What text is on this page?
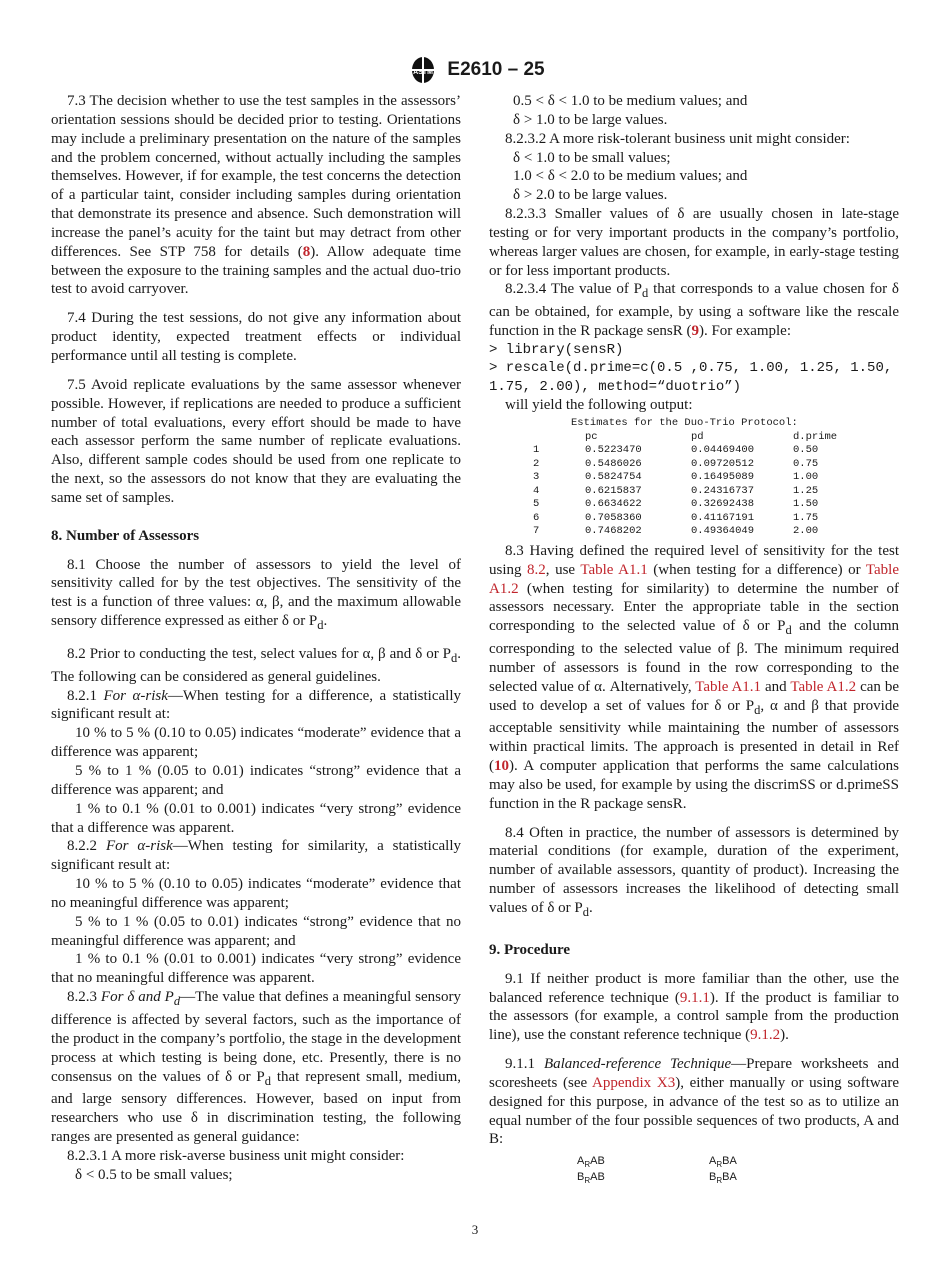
ASTM E2610 – 25

7.3 The decision whether to use the test samples in the assessors’ orientation sessions should be decided prior to testing. Orientations may include a preliminary presentation on the nature of the samples and the problem concerned, without actually including the samples themselves. However, if for example, the test concerns the detection of a particular taint, consider including samples during orientation that demonstrate its presence and absence. Such demonstration will increase the panel’s acuity for the taint but may detract from other differences. See STP 758 for details (8). Allow adequate time between the exposure to the training samples and the actual duo-trio test to avoid carryover.

7.4 During the test sessions, do not give any information about product identity, expected treatment effects or individual performance until all testing is complete.

7.5 Avoid replicate evaluations by the same assessor whenever possible. However, if replications are needed to produce a sufficient number of total evaluations, every effort should be made to have each assessor perform the same number of replicate evaluations. Also, different sample codes should be used from one replicate to the next, so the assessors do not know that they are evaluating the same set of samples.

8. Number of Assessors

8.1 Choose the number of assessors to yield the level of sensitivity called for by the test objectives. The sensitivity of the test is a function of three values: α, β, and the maximum allowable sensory difference expressed as either δ or $P_d$.

8.2 Prior to conducting the test, select values for α, β and δ or $P_d$. The following can be considered as general guidelines.

8.2.1 For α-risk—When testing for a difference, a statistically significant result at:

10 % to 5 % (0.10 to 0.05) indicates “moderate” evidence that a difference was apparent;

5 % to 1 % (0.05 to 0.01) indicates “strong” evidence that a difference was apparent; and

1 % to 0.1 % (0.01 to 0.001) indicates “very strong” evidence that a difference was apparent.

8.2.2 For α-risk—When testing for similarity, a statistically significant result at:

10 % to 5 % (0.10 to 0.05) indicates “moderate” evidence that no meaningful difference was apparent;

5 % to 1 % (0.05 to 0.01) indicates “strong” evidence that no meaningful difference was apparent; and

1 % to 0.1 % (0.01 to 0.001) indicates “very strong” evidence that no meaningful difference was apparent.

8.2.3 For δ and $P_d—The$ value that defines a meaningful sensory difference is affected by several factors, such as the importance of the product in the company’s portfolio, the stage in the development process at which testing is being done, etc. Presently, there is no consensus on the values of δ or $P_d$ that represent small, medium, and large sensory differences. However, based on input from researchers who use δ in discrimination testing, the following ranges are presented as general guidance:

8.2.3.1 A more risk-averse business unit might consider:

δ < 0.5 to be small values;

0.5 < δ < 1.0 to be medium values; and

δ > 1.0 to be large values.

8.2.3.2 A more risk-tolerant business unit might consider:

δ < 1.0 to be small values;

1.0 < δ < 2.0 to be medium values; and

δ > 2.0 to be large values.

8.2.3.3 Smaller values of δ are usually chosen in late-stage testing or for very important products in the company’s portfolio, whereas larger values are chosen, for example, in early-stage testing or for less important products.

8.2.3.4 The value of $P_d$ that corresponds to a value chosen for δ can be obtained, for example, by using a software like the rescale function in the R package sensR (9). For example:

> library(sensR)

> rescale(d.prime=c(0.5 ,0.75, 1.00, 1.25, 1.50, 1.75, 2.00), method=“duotrio”)

will yield the following output:

Estimates for the Duo-Trio Protocol:
pc	pd	d.prime
1	0.5223470	0.04469400	0.50
2	0.5486026	0.09720512	0.75
3	0.5824754	0.16495089	1.00
4	0.6215837	0.24316737	1.25
5	0.6634622	0.32692438	1.50
6	0.7058360	0.41167191	1.75
7	0.7468202	0.49364049	2.00

8.3 Having defined the required level of sensitivity for the test using 8.2, use Table A1.1 (when testing for a difference) or Table A1.2 (when testing for similarity) to determine the number of assessors necessary. Enter the appropriate table in the section corresponding to the selected value of δ or $P_d$ and the column corresponding to the selected value of β. The minimum required number of assessors is found in the row corresponding to the selected value of α. Alternatively, Table A1.1 and Table A1.2 can be used to develop a set of values for δ or $P_d$, α and β that provide acceptable sensitivity while maintaining the number of assessors within practical limits. The approach is presented in detail in Ref (10). A computer application that performs the same calculations may also be used, for example by using the discrimSS or d.primeSS function in the R package sensR.

8.4 Often in practice, the number of assessors is determined by material conditions (for example, duration of the experiment, number of available assessors, quantity of product). Increasing the number of assessors increases the likelihood of detecting small values of δ or $P_d$.

9. Procedure

9.1 If neither product is more familiar than the other, use the balanced reference technique (9.1.1). If the product is familiar to the assessors (for example, a control sample from the production line), use the constant reference technique (9.1.2).

9.1.1 Balanced-reference Technique—Prepare worksheets and scoresheets (see Appendix X3), either manually or using software designed for this purpose, in advance of the test so as to utilize an equal number of the four possible sequences of two products, A and B:

$A_RAB$	$A_RBA$
$B_RAB$	$B_RBA$
3
